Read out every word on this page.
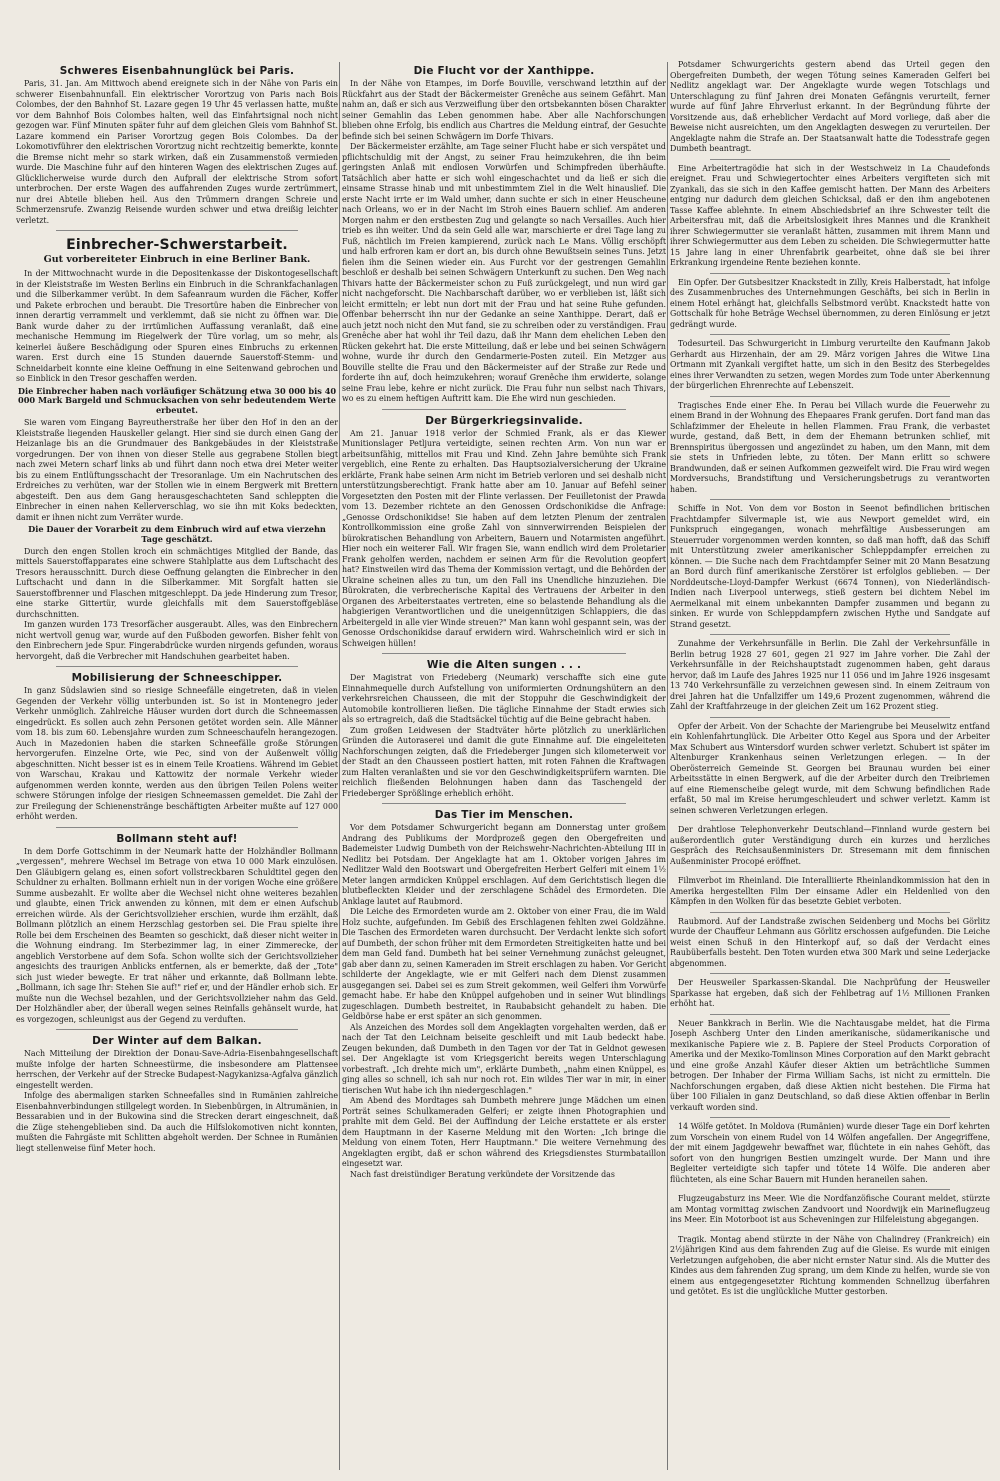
Schweres Eisenbahnunglück bei Paris.

Paris, 31. Jan. Am Mittwoch abend ereignete sich in der Nähe von Paris ein schwerer Eisenbahnunfall. Ein elektrischer Vorortzug von Paris nach Bois Colombes, der den Bahnhof St. Lazare gegen 19 Uhr 45 verlassen hatte, mußte vor dem Bahnhof Bois Colombes halten, weil das Einfahrtsignal noch nicht gezogen war. Fünf Minuten später fuhr auf dem gleichen Gleis vom Bahnhof St. Lazare kommend ein Pariser Vorortzug gegen Bois Colombes. Da der Lokomotivführer den elektrischen Vorortzug nicht rechtzeitig bemerkte, konnte die Bremse nicht mehr so stark wirken, daß ein Zusammenstoß vermieden wurde. Die Maschine fuhr auf den hinteren Wagen des elektrischen Zuges auf. Glücklicherweise wurde durch den Aufprall der elektrische Strom sofort unterbrochen. Der erste Wagen des auffahrenden Zuges wurde zertrümmert, nur drei Abteile blieben heil. Aus den Trümmern drangen Schreie und Schmerzensrufe. Zwanzig Reisende wurden schwer und etwa dreißig leichter verletzt.

Einbrecher-Schwerstarbeit.
Gut vorbereiteter Einbruch in eine Berliner Bank.

In der Mittwochnacht wurde in die Depositenkasse der Diskontogesellschaft in der Kleiststraße im Westen Berlins ein Einbruch in die Schrankfachanlagen und die Silberkammer verübt. In dem Safeanraum wurden die Fächer, Koffer und Pakete erbrochen und beraubt. Die Tresortüre haben die Einbrecher von innen derartig verrammelt und verklemmt, daß sie nicht zu öffnen war. Die Bank wurde daher zu der irrtümlichen Auffassung veranlaßt, daß eine mechanische Hemmung im Riegelwerk der Türe vorlag, um so mehr, als keinerlei äußere Beschädigung oder Spuren eines Einbruchs zu erkennen waren. Erst durch eine 15 Stunden dauernde Sauerstoff-Stemm- und Schneidarbeit konnte eine kleine Oeffnung in eine Seitenwand gebrochen und so Einblick in den Tresor geschaffen werden.

Die Einbrecher haben nach vorläufiger Schätzung etwa 30 000 bis 40 000 Mark Bargeld und Schmucksachen von sehr bedeutendem Werte erbeutet.

Sie waren vom Eingang Bayreutherstraße her über den Hof in den an der Kleiststraße liegenden Hauskeller gelangt. Hier sind sie durch einen Gang der Heizanlage bis an die Grundmauer des Bankgebäudes in der Kleiststraße vorgedrungen. Der von ihnen von dieser Stelle aus gegrabene Stollen biegt nach zwei Metern scharf links ab und führt dann noch etwa drei Meter weiter bis zu einem Entlüftungsschacht der Tresoranlage. Um ein Nachrutschen des Erdreiches zu verhüten, war der Stollen wie in einem Bergwerk mit Brettern abgesteift. Den aus dem Gang herausgeschachteten Sand schleppten die Einbrecher in einen nahen Kellerverschlag, wo sie ihn mit Koks bedeckten, damit er ihnen nicht zum Verräter wurde.

Die Dauer der Vorarbeit zu dem Einbruch wird auf etwa vierzehn Tage geschätzt.

Durch den engen Stollen kroch ein schmächtiges Mitglied der Bande, das mittels Sauerstoffapparates eine schwere Stahlplatte aus dem Luftschacht des Tresors herausschnitt. Durch diese Oeffnung gelangten die Einbrecher in den Luftschacht und dann in die Silberkammer. Mit Sorgfalt hatten sie Sauerstoffbrenner und Flaschen mitgeschleppt. Da jede Hinderung zum Tresor, eine starke Gittertür, wurde gleichfalls mit dem Sauerstoffgebläse durchschnitten.

Im ganzen wurden 173 Tresorfächer ausgeraubt. Alles, was den Einbrechern nicht wertvoll genug war, wurde auf den Fußboden geworfen. Bisher fehlt von den Einbrechern jede Spur. Fingerabdrücke wurden nirgends gefunden, woraus hervorgeht, daß die Verbrecher mit Handschuhen gearbeitet haben.

Mobilisierung der Schneeschipper.

In ganz Südslawien sind so riesige Schneefälle eingetreten, daß in vielen Gegenden der Verkehr völlig unterbunden ist. So ist in Montenegro jeder Verkehr unmöglich. Zahlreiche Häuser wurden dort durch die Schneemassen eingedrückt. Es sollen auch zehn Personen getötet worden sein. Alle Männer vom 18. bis zum 60. Lebensjahre wurden zum Schneeschaufeln herangezogen. Auch in Mazedonien haben die starken Schneefälle große Störungen hervorgerufen. Einzelne Orte, wie Pec, sind von der Außenwelt völlig abgeschnitten. Nicht besser ist es in einem Teile Kroatiens. Während im Gebiet von Warschau, Krakau und Kattowitz der normale Verkehr wieder aufgenommen werden konnte, werden aus den übrigen Teilen Polens weiter schwere Störungen infolge der riesigen Schneemassen gemeldet. Die Zahl der zur Freilegung der Schienenstränge beschäftigten Arbeiter mußte auf 127 000 erhöht werden.

Bollmann steht auf!

In dem Dorfe Gottschimm in der Neumark hatte der Holzhändler Bollmann „vergessen", mehrere Wechsel im Betrage von etwa 10 000 Mark einzulösen. Den Gläubigern gelang es, einen sofort vollstreckbaren Schuldtitel gegen den Schuldner zu erhalten. Bollmann erhielt nun in der vorigen Woche eine größere Summe ausbezahlt. Er wollte aber die Wechsel nicht ohne weiteres bezahlen und glaubte, einen Trick anwenden zu können, mit dem er einen Aufschub erreichen würde. Als der Gerichtsvollzieher erschien, wurde ihm erzählt, daß Bollmann plötzlich an einem Herzschlag gestorben sei. Die Frau spielte ihre Rolle bei dem Erscheinen des Beamten so geschickt, daß dieser nicht weiter in die Wohnung eindrang. Im Sterbezimmer lag, in einer Zimmerecke, der angeblich Verstorbene auf dem Sofa. Schon wollte sich der Gerichtsvollzieher angesichts des traurigen Anblicks entfernen, als er bemerkte, daß der „Tote" sich just wieder bewegte. Er trat näher und erkannte, daß Bollmann lebte. „Bollmann, ich sage Ihr: Stehen Sie auf!" rief er, und der Händler erhob sich. Er mußte nun die Wechsel bezahlen, und der Gerichtsvollzieher nahm das Geld. Der Holzhändler aber, der überall wegen seines Reinfalls gehänselt wurde, hat es vorgezogen, schleunigst aus der Gegend zu verduften.

Der Winter auf dem Balkan.

Nach Mitteilung der Direktion der Donau-Save-Adria-Eisenbahngesellschaft mußte infolge der harten Schneestürme, die insbesondere am Plattensee herrschen, der Verkehr auf der Strecke Budapest-Nagykanizsa-Agfalva gänzlich eingestellt werden.

Infolge des abermaligen starken Schneefalles sind in Rumänien zahlreiche Eisenbahnverbindungen stillgelegt worden. In Siebenbürgen, in Altrumänien, in Bessarabien und in der Bukowina sind die Strecken derart eingeschneit, daß die Züge stehengeblieben sind. Da auch die Hilfslokomotiven nicht konnten, mußten die Fahrgäste mit Schlitten abgeholt werden. Der Schnee in Rumänien liegt stellenweise fünf Meter hoch.

Die Flucht vor der Xanthippe.

In der Nähe von Etampes, im Dorfe Bouville, verschwand letzthin auf der Rückfahrt aus der Stadt der Bäckermeister Grenêche aus seinem Gefährt. Man nahm an, daß er sich aus Verzweiflung über den ortsbekannten bösen Charakter seiner Gemahlin das Leben genommen habe. Aber alle Nachforschungen blieben ohne Erfolg, bis endlich aus Chartres die Meldung eintraf, der Gesuchte befinde sich bei seinen Schwägern im Dorfe Thivars.

Der Bäckermeister erzählte, am Tage seiner Flucht habe er sich verspätet und pflichtschuldig mit der Angst, zu seiner Frau heimzukehren, die ihn beim geringsten Anlaß mit endlosen Vorwürfen und Schimpfreden überhäufte. Tatsächlich aber hatte er sich wohl eingeschachtet und da ließ er sich die einsame Strasse hinab und mit unbestimmtem Ziel in die Welt hinauslief. Die erste Nacht irrte er im Wald umher, dann suchte er sich in einer Heuscheune nach Orleans, wo er in der Nacht im Stroh eines Bauern schlief. Am anderen Morgen nahm er den erstbesten Zug und gelangte so nach Versailles. Auch hier trieb es ihn weiter. Und da sein Geld alle war, marschierte er drei Tage lang zu Fuß, nächtlich im Freien kampierend, zurück nach Le Mans. Völlig erschöpft und halb erfroren kam er dort an, bis durch ohne Bewußtsein seines Tuns. Jetzt fielen ihm die Seinen wieder ein. Aus Furcht vor der gestrengen Gemahlin beschloß er deshalb bei seinen Schwägern Unterkunft zu suchen. Den Weg nach Thivars hatte der Bäckermeister schon zu Fuß zurückgelegt, und nun wird gar nicht nachgeforscht. Die Nachbarschaft darüber, wo er verblieben ist, läßt sich leicht ermitteln; er lebt nun dort mit der Frau und hat seine Ruhe gefunden. Offenbar beherrscht ihn nur der Gedanke an seine Xanthippe. Derart, daß er auch jetzt noch nicht den Mut fand, sie zu schreiben oder zu verständigen. Frau Grenêche aber hat wohl ihr Teil dazu, daß ihr Mann dem ehelichen Leben den Rücken gekehrt hat. Die erste Mitteilung, daß er lebe und bei seinen Schwägern wohne, wurde ihr durch den Gendarmerie-Posten zuteil. Ein Metzger aus Bouville stellte die Frau und den Bäckermeister auf der Straße zur Rede und forderte ihn auf, doch heimzukehren; worauf Grenêche ihm erwiderte, solange seine Frau lebe, kehre er nicht zurück. Die Frau fuhr nun selbst nach Thivars, wo es zu einem heftigen Auftritt kam. Die Ehe wird nun geschieden.

Der Bürgerkriegsinvalide.

Am 21. Januar 1918 verlor der Schmied Frank, als er das Kiewer Munitionslager Petljura verteidigte, seinen rechten Arm. Von nun war er arbeitsunfähig, mittellos mit Frau und Kind. Zehn Jahre bemühte sich Frank vergeblich, eine Rente zu erhalten. Das Hauptsozialversicherung der Ukraine erklärte, Frank habe seinen Arm nicht im Betrieb verloren und sei deshalb nicht unterstützungsberechtigt. Frank hatte aber am 10. Januar auf Befehl seiner Vorgesetzten den Posten mit der Flinte verlassen. Der Feuilletonist der Prawda vom 13. Dezember richtete an den Genossen Ordschonikidse die Anfrage: „Genosse Ordschonikidse! Sie haben auf dem letzten Plenum der zentralen Kontrollkommission eine große Zahl von sinnverwirrenden Beispielen der bürokratischen Behandlung von Arbeitern, Bauern und Notarmisten angeführt. Hier noch ein weiterer Fall. Wir fragen Sie, wann endlich wird dem Proletarier Frank geholfen werden, nachdem er seinen Arm für die Revolution geopfert hat? Einstweilen wird das Thema der Kommission vertagt, und die Behörden der Ukraine scheinen alles zu tun, um den Fall ins Unendliche hinzuziehen. Die Bürokraten, die verbrecherische Kapital des Vertrauens der Arbeiter in den Organen des Arbeiterstaates vertreten, eine so belastende Behandlung als die habgierigen Verantwortlichen und die uneigennützigen Schlappiers, die das Arbeitergeld in alle vier Winde streuen?" Man kann wohl gespannt sein, was der Genosse Ordschonikidse darauf erwidern wird. Wahrscheinlich wird er sich in Schweigen hüllen!

Wie die Alten sungen . . .

Der Magistrat von Friedeberg (Neumark) verschaffte sich eine gute Einnahmequelle durch Aufstellung von uniformierten Ordnungshütern an den verkehrsreichen Chausseen, die mit der Stoppuhr die Geschwindigkeit der Automobile kontrollieren ließen. Die tägliche Einnahme der Stadt erwies sich als so ertragreich, daß die Stadtsäckel tüchtig auf die Beine gebracht haben.

Zum großen Leidwesen der Stadtväter hörte plötzlich zu unerklärlichen Gründen die Autoraserei und damit die gute Einnahme auf. Die eingeleiteten Nachforschungen zeigten, daß die Friedeberger Jungen sich kilometerweit vor der Stadt an den Chausseen postiert hatten, mit roten Fahnen die Kraftwagen zum Halten veranlaßten und sie vor den Geschwindigkeitsprüfern warnten. Die reichlich fließenden Belohnungen haben dann das Taschengeld der Friedeberger Sprößlinge erheblich erhöht.

Das Tier im Menschen.

Vor dem Potsdamer Schwurgericht begann am Donnerstag unter großem Andrang des Publikums der Mordprozeß gegen den Obergefreiten und Bademeister Ludwig Dumbeth von der Reichswehr-Nachrichten-Abteilung III in Nedlitz bei Potsdam. Der Angeklagte hat am 1. Oktober vorigen Jahres im Nedlitzer Wald den Bootswart und Obergefreiten Herbert Gelferi mit einem 1½ Meter langen armdicken Knüppel erschlagen. Auf dem Gerichtstisch liegen die blutbefleckten Kleider und der zerschlagene Schädel des Ermordeten. Die Anklage lautet auf Raubmord.

Die Leiche des Ermordeten wurde am 2. Oktober von einer Frau, die im Wald Holz suchte, aufgefunden. Im Gebiß des Erschlagenen fehlten zwei Goldzähne. Die Taschen des Ermordeten waren durchsucht. Der Verdacht lenkte sich sofort auf Dumbeth, der schon früher mit dem Ermordeten Streitigkeiten hatte und bei dem man Geld fand. Dumbeth hat bei seiner Vernehmung zunächst geleugnet, gab aber dann zu, seinen Kameraden im Streit erschlagen zu haben. Vor Gericht schilderte der Angeklagte, wie er mit Gelferi nach dem Dienst zusammen ausgegangen sei. Dabei sei es zum Streit gekommen, weil Gelferi ihm Vorwürfe gemacht habe. Er habe den Knüppel aufgehoben und in seiner Wut blindlings zugeschlagen. Dumbeth bestreitet, in Raubabsicht gehandelt zu haben. Die Geldbörse habe er erst später an sich genommen.

Als Anzeichen des Mordes soll dem Angeklagten vorgehalten werden, daß er nach der Tat den Leichnam beiseite geschleift und mit Laub bedeckt habe. Zeugen bekunden, daß Dumbeth in den Tagen vor der Tat in Geldnot gewesen sei. Der Angeklagte ist vom Kriegsgericht bereits wegen Unterschlagung vorbestraft. „Ich drehte mich um", erklärte Dumbeth, „nahm einen Knüppel, es ging alles so schnell, ich sah nur noch rot. Ein wildes Tier war in mir, in einer tierischen Wut habe ich ihn niedergeschlagen."

Am Abend des Mordtages sah Dumbeth mehrere junge Mädchen um einen Porträt seines Schulkameraden Gelferi; er zeigte ihnen Photographien und prahlte mit dem Geld. Bei der Auffindung der Leiche erstattete er als erster dem Hauptmann in der Kaserne Meldung mit den Worten: „Ich bringe die Meldung von einem Toten, Herr Hauptmann." Die weitere Vernehmung des Angeklagten ergibt, daß er schon während des Kriegsdienstes Sturmbataillon eingesetzt war.

Nach fast dreistündiger Beratung verkündete der Vorsitzende das

Potsdamer Schwurgerichts gestern abend das Urteil gegen den Obergefreiten Dumbeth, der wegen Tötung seines Kameraden Gelferi bei Nedlitz angeklagt war. Der Angeklagte wurde wegen Totschlags und Unterschlagung zu fünf Jahren drei Monaten Gefängnis verurteilt, ferner wurde auf fünf Jahre Ehrverlust erkannt. In der Begründung führte der Vorsitzende aus, daß erheblicher Verdacht auf Mord vorliege, daß aber die Beweise nicht ausreichten, um den Angeklagten deswegen zu verurteilen. Der Angeklagte nahm die Strafe an. Der Staatsanwalt hatte die Todesstrafe gegen Dumbeth beantragt.

Eine Arbeitertragödie hat sich in der Westschweiz in La Chaudefonds ereignet. Frau und Schwiegertochter eines Arbeiters vergifteten sich mit Zyankali, das sie sich in den Kaffee gemischt hatten. Der Mann des Arbeiters entging nur dadurch dem gleichen Schicksal, daß er den ihm angebotenen Tasse Kaffee ablehnte. In einem Abschiedsbrief an ihre Schwester teilt die Arbeitersfrau mit, daß die Arbeitslosigkeit ihres Mannes und die Krankheit ihrer Schwiegermutter sie veranlaßt hätten, zusammen mit ihrem Mann und ihrer Schwiegermutter aus dem Leben zu scheiden. Die Schwiegermutter hatte 15 Jahre lang in einer Uhrenfabrik gearbeitet, ohne daß sie bei ihrer Erkrankung irgendeine Rente beziehen konnte.

Ein Opfer. Der Gutsbesitzer Knackstedt in Zilly, Kreis Halberstadt, hat infolge des Zusammenbruches des Unternehmungen Geschäfts, bei sich in Berlin in einem Hotel erhängt hat, gleichfalls Selbstmord verübt. Knackstedt hatte von Gottschalk für hohe Beträge Wechsel übernommen, zu deren Einlösung er jetzt gedrängt wurde.

Todesurteil. Das Schwurgericht in Limburg verurteilte den Kaufmann Jakob Gerhardt aus Hirzenhain, der am 29. März vorigen Jahres die Witwe Lina Ortmann mit Zyankali vergiftet hatte, um sich in den Besitz des Sterbegeldes eines ihrer Verwandten zu setzen, wegen Mordes zum Tode unter Aberkennung der bürgerlichen Ehrenrechte auf Lebenszeit.

Tragisches Ende einer Ehe. In Perau bei Villach wurde die Feuerwehr zu einem Brand in der Wohnung des Ehepaares Frank gerufen. Dort fand man das Schlafzimmer der Eheleute in hellen Flammen. Frau Frank, die verbastet wurde, gestand, daß Bett, in dem der Ehemann betrunken schlief, mit Brennspiritus übergossen und angezündet zu haben, um den Mann, mit dem sie stets in Unfrieden lebte, zu töten. Der Mann erlitt so schwere Brandwunden, daß er seinen Aufkommen gezweifelt wird. Die Frau wird wegen Mordversuchs, Brandstiftung und Versicherungsbetrugs zu verantworten haben.

Schiffe in Not. Von dem vor Boston in Seenot befindlichen britischen Frachtdampfer Silvermaple ist, wie aus Newport gemeldet wird, ein Funkspruch eingegangen, wonach mehrfältige Ausbesserungen am Steuerruder vorgenommen werden konnten, so daß man hofft, daß das Schiff mit Unterstützung zweier amerikanischer Schleppdampfer erreichen zu können. — Die Suche nach dem Frachtdampfer Seiner mit 20 Mann Besatzung an Bord durch fünf amerikanische Zerstörer ist erfolglos geblieben. — Der Norddeutsche-Lloyd-Dampfer Werkust (6674 Tonnen), von Niederländisch-Indien nach Liverpool unterwegs, stieß gestern bei dichtem Nebel im Aermelkanal mit einem unbekannten Dampfer zusammen und begann zu sinken. Er wurde von Schleppdampfern zwischen Hythe und Sandgate auf Strand gesetzt.

Zunahme der Verkehrsunfälle in Berlin. Die Zahl der Verkehrsunfälle in Berlin betrug 1928 27 601, gegen 21 927 im Jahre vorher. Die Zahl der Verkehrsunfälle in der Reichshauptstadt zugenommen haben, geht daraus hervor, daß im Laufe des Jahres 1925 nur 11 056 und im Jahre 1926 insgesamt 13 740 Verkehrsunfälle zu verzeichnen gewesen sind. In einem Zeitraum von drei Jahren hat die Unfallziffer um 149,6 Prozent zugenommen, während die Zahl der Kraftfahrzeuge in der gleichen Zeit um 162 Prozent stieg.

Opfer der Arbeit. Von der Schachte der Mariengrube bei Meuselwitz entfand ein Kohlenfahrtunglück. Die Arbeiter Otto Kegel aus Spora und der Arbeiter Max Schubert aus Wintersdorf wurden schwer verletzt. Schubert ist später im Altenburger Krankenhaus seinen Verletzungen erlegen. — In der Oberösterreich Gemeinde St. Georgen bei Braunau wurden bei einer Arbeitsstätte in einen Bergwerk, auf die der Arbeiter durch den Treibriemen auf eine Riemenscheibe gelegt wurde, mit dem Schwung befindlichen Rade erfaßt, 50 mal im Kreise herumgeschleudert und schwer verletzt. Kamm ist seinen schweren Verletzungen erlegen.

Der drahtlose Telephonverkehr Deutschland—Finnland wurde gestern bei außerordentlich guter Verständigung durch ein kurzes und herzliches Gespräch des Reichsaußenministers Dr. Stresemann mit dem finnischen Außenminister Procopé eröffnet.

Filmverbot im Rheinland. Die Interalliierte Rheinlandkommission hat den in Amerika hergestellten Film Der einsame Adler ein Heldenlied von den Kämpfen in den Wolken für das besetzte Gebiet verboten.

Raubmord. Auf der Landstraße zwischen Seidenberg und Mochs bei Görlitz wurde der Chauffeur Lehmann aus Görlitz erschossen aufgefunden. Die Leiche weist einen Schuß in den Hinterkopf auf, so daß der Verdacht eines Raubüberfalls besteht. Den Toten wurden etwa 300 Mark und seine Lederjacke abgenommen.

Der Heusweiler Sparkassen-Skandal. Die Nachprüfung der Heusweiler Sparkasse hat ergeben, daß sich der Fehlbetrag auf 1½ Millionen Franken erhöht hat.

Neuer Bankkrach in Berlin. Wie die Nachtausgabe meldet, hat die Firma Joseph Aschberg Unter den Linden amerikanische, südamerikanische und mexikanische Papiere wie z. B. Papiere der Steel Products Corporation of Amerika und der Mexiko-Tomlinson Mines Corporation auf den Markt gebracht und eine große Anzahl Käufer dieser Aktien um beträchtliche Summen betrogen. Der Inhaber der Firma William Sachs, ist nicht zu ermitteln. Die Nachforschungen ergaben, daß diese Aktien nicht bestehen. Die Firma hat über 100 Filialen in ganz Deutschland, so daß diese Aktien offenbar in Berlin verkauft worden sind.

14 Wölfe getötet. In Moldova (Rumänien) wurde dieser Tage ein Dorf kehrten zum Vorschein von einem Rudel von 14 Wölfen angefallen. Der Angegriffene, der mit einem Jagdgewehr bewaffnet war, flüchtete in ein nahes Gehöft, das sofort von den hungrigen Bestien umzingelt wurde. Der Mann und ihre Begleiter verteidigte sich tapfer und tötete 14 Wölfe. Die anderen aber flüchteten, als eine Schar Bauern mit Hunden heraneilen sahen.

Flugzeugabsturz ins Meer. Wie die Nordfanzöfische Courant meldet, stürzte am Montag vormittag zwischen Zandvoort und Noordwijk ein Marineflugzeug ins Meer. Ein Motorboot ist aus Scheveningen zur Hilfeleistung abgegangen.

Tragik. Montag abend stürzte in der Nähe von Chalindrey (Frankreich) ein 2½jährigen Kind aus dem fahrenden Zug auf die Gleise. Es wurde mit einigen Verletzungen aufgehoben, die aber nicht ernster Natur sind. Als die Mutter des Kindes aus dem fahrenden Zug sprang, um dem Kinde zu helfen, wurde sie von einem aus entgegengesetzter Richtung kommenden Schnellzug überfahren und getötet. Es ist die unglückliche Mutter gestorben.
